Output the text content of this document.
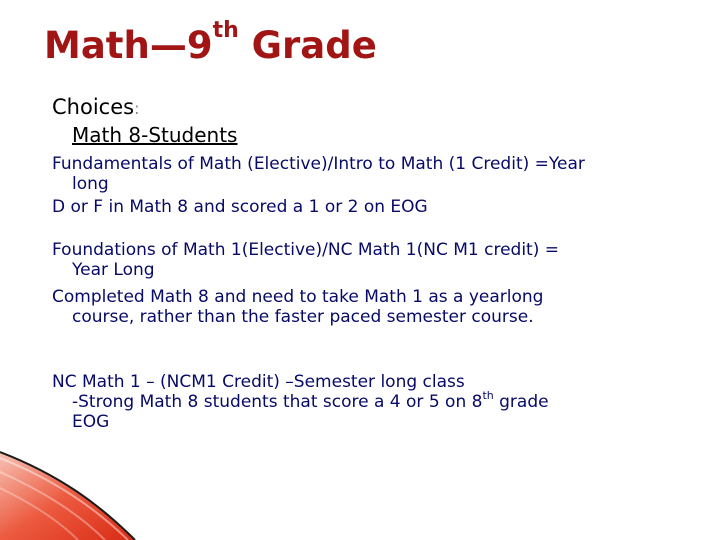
Math—9th Grade

Choices:

Math 8-Students

Fundamentals of Math (Elective)/Intro to Math (1 Credit) =Year
long

D or F in Math 8 and scored a 1 or 2 on EOG

Foundations of Math 1(Elective)/NC Math 1(NC M1 credit) =
Year Long

Completed Math 8 and need to take Math 1 as a yearlong
course, rather than the faster paced semester course.

NC Math 1 – (NCM1 Credit) –Semester long class
-Strong Math 8 students that score a 4 or 5 on 8th grade
EOG
